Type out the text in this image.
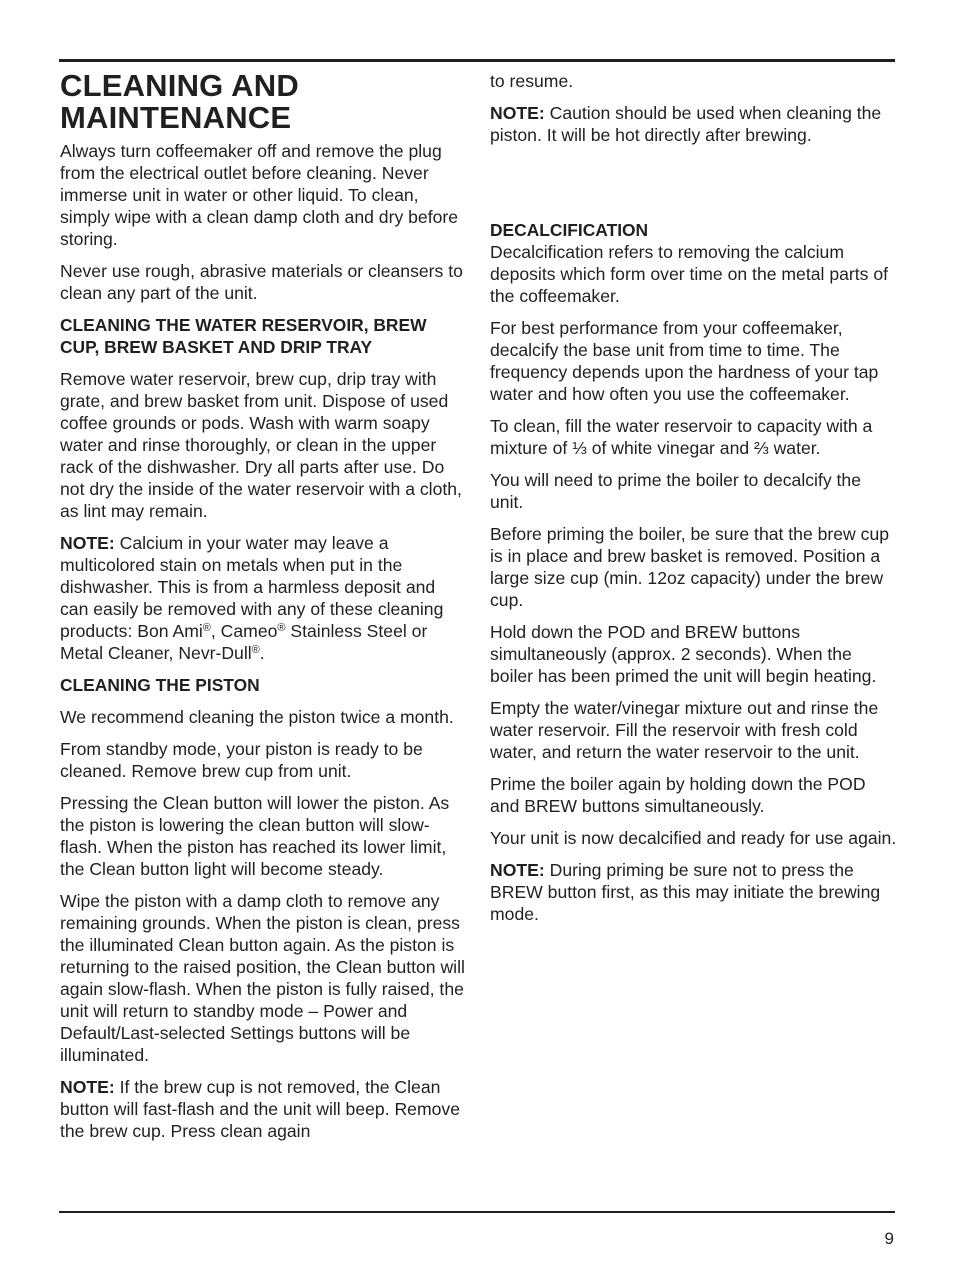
CLEANING AND
MAINTENANCE

Always turn coffeemaker off and remove the plug from the electrical outlet before cleaning. Never immerse unit in water or other liquid. To clean, simply wipe with a clean damp cloth and dry before storing.

Never use rough, abrasive materials or cleansers to clean any part of the unit.

CLEANING THE WATER RESERVOIR, BREW CUP, BREW BASKET AND DRIP TRAY

Remove water reservoir, brew cup, drip tray with grate, and brew basket from unit. Dispose of used coffee grounds or pods. Wash with warm soapy water and rinse thoroughly, or clean in the upper rack of the dishwasher. Dry all parts after use. Do not dry the inside of the water reservoir with a cloth, as lint may remain.

NOTE: Calcium in your water may leave a multicolored stain on metals when put in the dishwasher. This is from a harmless deposit and can easily be removed with any of these cleaning products: Bon Ami®, Cameo® Stainless Steel or Metal Cleaner, Nevr-Dull®.

CLEANING THE PISTON

We recommend cleaning the piston twice a month.

From standby mode, your piston is ready to be cleaned. Remove brew cup from unit.

Pressing the Clean button will lower the piston. As the piston is lowering the clean button will slow-flash. When the piston has reached its lower limit, the Clean button light will become steady.

Wipe the piston with a damp cloth to remove any remaining grounds. When the piston is clean, press the illuminated Clean button again. As the piston is returning to the raised position, the Clean button will again slow-flash. When the piston is fully raised, the unit will return to standby mode – Power and Default/Last-selected Settings buttons will be illuminated.

NOTE: If the brew cup is not removed, the Clean button will fast-flash and the unit will beep. Remove the brew cup. Press clean again

to resume.

NOTE: Caution should be used when cleaning the piston. It will be hot directly after brewing.

DECALCIFICATION

Decalcification refers to removing the calcium deposits which form over time on the metal parts of the coffeemaker.

For best performance from your coffeemaker, decalcify the base unit from time to time. The frequency depends upon the hardness of your tap water and how often you use the coffeemaker.

To clean, fill the water reservoir to capacity with a mixture of ⅓ of white vinegar and ⅔ water.

You will need to prime the boiler to decalcify the unit.

Before priming the boiler, be sure that the brew cup is in place and brew basket is removed. Position a large size cup (min. 12oz capacity) under the brew cup.

Hold down the POD and BREW buttons simultaneously (approx. 2 seconds). When the boiler has been primed the unit will begin heating.

Empty the water/vinegar mixture out and rinse the water reservoir. Fill the reservoir with fresh cold water, and return the water reservoir to the unit.

Prime the boiler again by holding down the POD and BREW buttons simultaneously.

Your unit is now decalcified and ready for use again.

NOTE: During priming be sure not to press the BREW button first, as this may initiate the brewing mode.

9
